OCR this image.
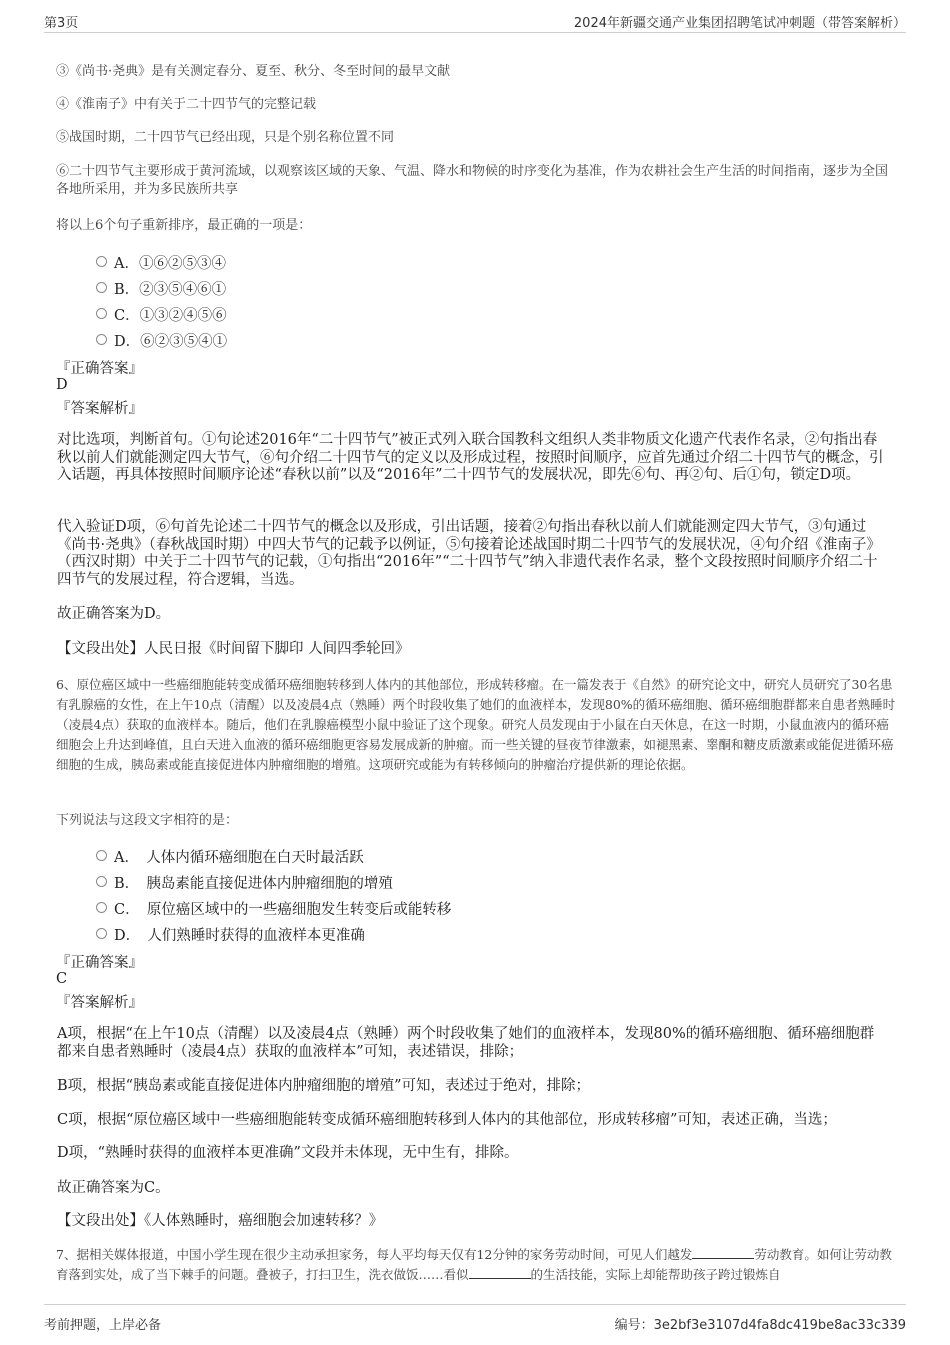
第3页	2024年新疆交通产业集团招聘笔试冲刺题（带答案解析）

③《尚书·尧典》是有关测定春分、夏至、秋分、冬至时间的最早文献

④《淮南子》中有关于二十四节气的完整记载

⑤战国时期，二十四节气已经出现，只是个别名称位置不同

⑥二十四节气主要形成于黄河流域，以观察该区域的天象、气温、降水和物候的时序变化为基准，作为农耕社会生产生活的时间指南，逐步为全国各地所采用，并为多民族所共享

将以上6个句子重新排序，最正确的一项是：

A．①⑥②⑤③④
B．②③⑤④⑥①
C．①③②④⑤⑥
D．⑥②③⑤④①

『正确答案』

D

『答案解析』

对比选项，判断首句。①句论述2016年“二十四节气”被正式列入联合国教科文组织人类非物质文化遗产代表作名录，②句指出春秋以前人们就能测定四大节气，⑥句介绍二十四节气的定义以及形成过程，按照时间顺序，应首先通过介绍二十四节气的概念，引入话题，再具体按照时间顺序论述“春秋以前”以及“2016年”二十四节气的发展状况，即先⑥句、再②句、后①句，锁定D项。

代入验证D项，⑥句首先论述二十四节气的概念以及形成，引出话题，接着②句指出春秋以前人们就能测定四大节气，③句通过《尚书·尧典》（春秋战国时期）中四大节气的记载予以例证，⑤句接着论述战国时期二十四节气的发展状况，④句介绍《淮南子》（西汉时期）中关于二十四节气的记载，①句指出“2016年”“二十四节气”纳入非遗代表作名录，整个文段按照时间顺序介绍二十四节气的发展过程，符合逻辑，当选。

故正确答案为D。

【文段出处】人民日报《时间留下脚印 人间四季轮回》

6、原位癌区域中一些癌细胞能转变成循环癌细胞转移到人体内的其他部位，形成转移瘤。在一篇发表于《自然》的研究论文中，研究人员研究了30名患有乳腺癌的女性，在上午10点（清醒）以及凌晨4点（熟睡）两个时段收集了她们的血液样本，发现80%的循环癌细胞、循环癌细胞群都来自患者熟睡时（凌晨4点）获取的血液样本。随后，他们在乳腺癌模型小鼠中验证了这个现象。研究人员发现由于小鼠在白天休息，在这一时期，小鼠血液内的循环癌细胞会上升达到峰值，且白天进入血液的循环癌细胞更容易发展成新的肿瘤。而一些关键的昼夜节律激素，如褪黑素、睾酮和糖皮质激素或能促进循环癌细胞的生成，胰岛素或能直接促进体内肿瘤细胞的增殖。这项研究或能为有转移倾向的肿瘤治疗提供新的理论依据。

下列说法与这段文字相符的是：

A．　人体内循环癌细胞在白天时最活跃
B．　胰岛素能直接促进体内肿瘤细胞的增殖
C．　原位癌区域中的一些癌细胞发生转变后或能转移
D．　人们熟睡时获得的血液样本更准确

『正确答案』

C

『答案解析』

A项，根据“在上午10点（清醒）以及凌晨4点（熟睡）两个时段收集了她们的血液样本，发现80%的循环癌细胞、循环癌细胞群都来自患者熟睡时（凌晨4点）获取的血液样本”可知，表述错误，排除；

B项，根据“胰岛素或能直接促进体内肿瘤细胞的增殖”可知，表述过于绝对，排除；

C项，根据“原位癌区域中一些癌细胞能转变成循环癌细胞转移到人体内的其他部位，形成转移瘤”可知，表述正确，当选；

D项，“熟睡时获得的血液样本更准确”文段并未体现，无中生有，排除。

故正确答案为C。

【文段出处】《人体熟睡时，癌细胞会加速转移？》

7、据相关媒体报道，中国小学生现在很少主动承担家务，每人平均每天仅有12分钟的家务劳动时间，可见人们越发	劳动教育。如何让劳动教育落到实处，成了当下棘手的问题。叠被子，打扫卫生，洗衣做饭……看似	的生活技能，实际上却能帮助孩子跨过锻炼自

考前押题，上岸必备	编号：3e2bf3e3107d4fa8dc419be8ac33c339
